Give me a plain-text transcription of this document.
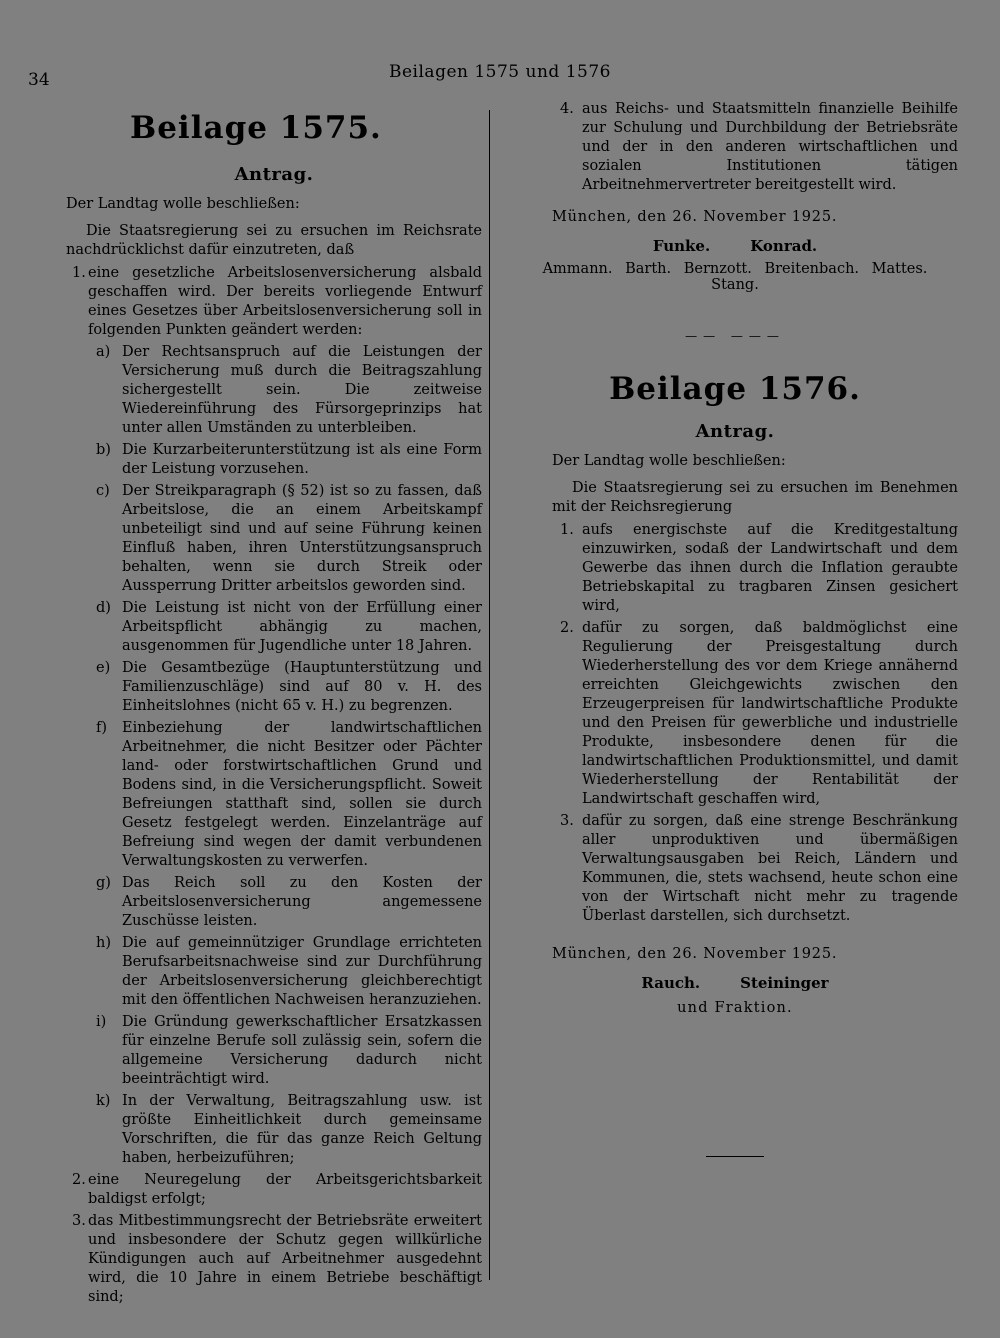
34	Beilagen 1575 und 1576
Beilage 1575.
Antrag.

Der Landtag wolle beschließen:

Die Staatsregierung sei zu ersuchen im Reichsrate nachdrücklichst dafür einzutreten, daß

1. eine gesetzliche Arbeitslosenversicherung alsbald geschaffen wird. Der bereits vorliegende Entwurf eines Gesetzes über Arbeitslosenversicherung soll in folgenden Punkten geändert werden:
a) Der Rechtsanspruch auf die Leistungen der Versicherung muß durch die Beitragszahlung sichergestellt sein. Die zeitweise Wiedereinführung des Fürsorgeprinzips hat unter allen Umständen zu unterbleiben.
b) Die Kurzarbeiterunterstützung ist als eine Form der Leistung vorzusehen.
c) Der Streikparagraph (§ 52) ist so zu fassen, daß Arbeitslose, die an einem Arbeitskampf unbeteiligt sind und auf seine Führung keinen Einfluß haben, ihren Unterstützungsanspruch behalten, wenn sie durch Streik oder Aussperrung Dritter arbeitslos geworden sind.
d) Die Leistung ist nicht von der Erfüllung einer Arbeitspflicht abhängig zu machen, ausgenommen für Jugendliche unter 18 Jahren.
e) Die Gesamtbezüge (Hauptunterstützung und Familienzuschläge) sind auf 80 v. H. des Einheitslohnes (nicht 65 v. H.) zu begrenzen.
f) Einbeziehung der landwirtschaftlichen Arbeitnehmer, die nicht Besitzer oder Pächter land- oder forstwirtschaftlichen Grund und Bodens sind, in die Versicherungspflicht. Soweit Befreiungen statthaft sind, sollen sie durch Gesetz festgelegt werden. Einzelanträge auf Befreiung sind wegen der damit verbundenen Verwaltungskosten zu verwerfen.
g) Das Reich soll zu den Kosten der Arbeitslosenversicherung angemessene Zuschüsse leisten.
h) Die auf gemeinnütziger Grundlage errichteten Berufsarbeitsnachweise sind zur Durchführung der Arbeitslosenversicherung gleichberechtigt mit den öffentlichen Nachweisen heranzuziehen.
i) Die Gründung gewerkschaftlicher Ersatzkassen für einzelne Berufe soll zulässig sein, sofern die allgemeine Versicherung dadurch nicht beeinträchtigt wird.
k) In der Verwaltung, Beitragszahlung usw. ist größte Einheitlichkeit durch gemeinsame Vorschriften, die für das ganze Reich Geltung haben, herbeizuführen;
2. eine Neuregelung der Arbeitsgerichtsbarkeit baldigst erfolgt;
3. das Mitbestimmungsrecht der Betriebsräte erweitert und insbesondere der Schutz gegen willkürliche Kündigungen auch auf Arbeitnehmer ausgedehnt wird, die 10 Jahre in einem Betriebe beschäftigt sind;
4. aus Reichs- und Staatsmitteln finanzielle Beihilfe zur Schulung und Durchbildung der Betriebsräte und der in den anderen wirtschaftlichen und sozialen Institutionen tätigen Arbeitnehmervertreter bereitgestellt wird.
München, den 26. November 1925.
Funke.	Konrad.
Ammann. Barth. Bernzott. Breitenbach. Mattes. Stang.
—— ———
Beilage 1576.
Antrag.

Der Landtag wolle beschließen:

Die Staatsregierung sei zu ersuchen im Benehmen mit der Reichsregierung

1. aufs energischste auf die Kreditgestaltung einzuwirken, sodaß der Landwirtschaft und dem Gewerbe das ihnen durch die Inflation geraubte Betriebskapital zu tragbaren Zinsen gesichert wird,
2. dafür zu sorgen, daß baldmöglichst eine Regulierung der Preisgestaltung durch Wiederherstellung des vor dem Kriege annähernd erreichten Gleichgewichts zwischen den Erzeugerpreisen für landwirtschaftliche Produkte und den Preisen für gewerbliche und industrielle Produkte, insbesondere denen für die landwirtschaftlichen Produktionsmittel, und damit Wiederherstellung der Rentabilität der Landwirtschaft geschaffen wird,
3. dafür zu sorgen, daß eine strenge Beschränkung aller unproduktiven und übermäßigen Verwaltungsausgaben bei Reich, Ländern und Kommunen, die, stets wachsend, heute schon eine von der Wirtschaft nicht mehr zu tragende Überlast darstellen, sich durchsetzt.
München, den 26. November 1925.
Rauch.	Steininger
und Fraktion.
